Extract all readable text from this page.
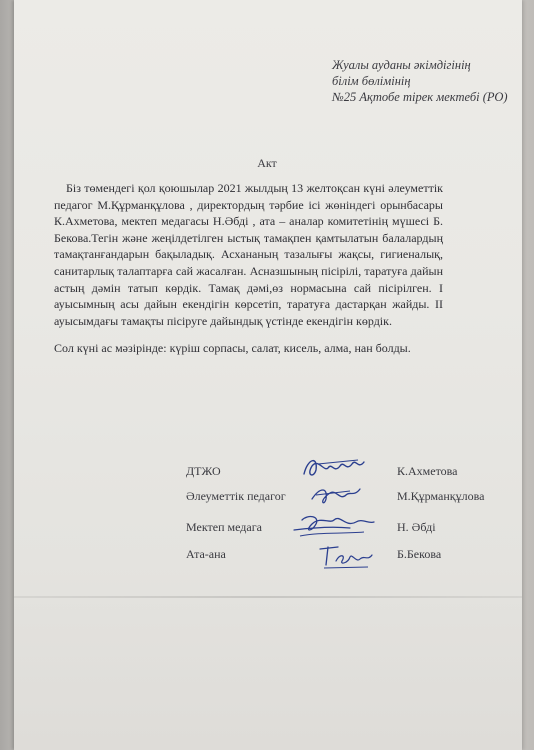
Жуалы ауданы әкімдігінің
білім бөлімінің
№25 Ақтобе тірек мектебі (РО)
Акт

Біз төмендегі қол қоюшылар 2021 жылдың 13 желтоқсан күні әлеуметтік педагог М.Құрманқұлова , директордың тәрбие ісі жөніндегі орынбасары К.Ахметова, мектеп медагасы Н.Әбді , ата – аналар комитетінің мүшесі Б. Бекова.Тегін және жеңілдетілген ыстық тамақпен қамтылатын балалардың тамақтанғандарын бақыладық. Асхананың тазалығы жақсы, гигиеналық, санитарлық талаптарға сай жасалған. Асназшының пісірілі, таратуға дайын астың дәмін татып көрдік. Тамақ дәмі,өз нормасына сай пісірілген. І ауысымның асы дайын екендігін көрсетіп, таратуға дастарқан жайды. ІІ ауысымдағы тамақты пісіруге дайындық үстінде екендігін көрдік.

Сол күні ас мәзірінде: күріш сорпасы, салат, кисель, алма, нан болды.

ДТЖО	К.Ахметова
Әлеуметтік педагог	М.Құрманқұлова
Мектеп медага	Н. Әбді
Ата-ана	Б.Бекова
